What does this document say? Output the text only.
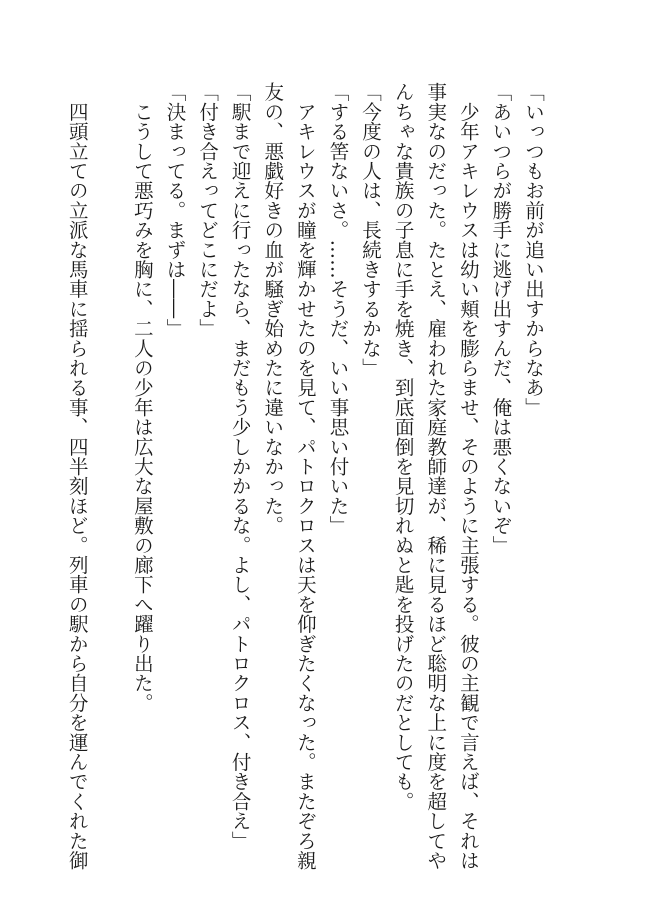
「いっつもお前が追い出すからなあ」
「あいつらが勝手に逃げ出すんだ、俺は悪くないぞ」
　少年アキレウスは幼い頬を膨らませ、そのように主張する。彼の主観で言えば、それは
事実なのだった。たとえ、雇われた家庭教師達が、稀に見るほど聡明な上に度を超してや
んちゃな貴族の子息に手を焼き、到底面倒を見切れぬと匙を投げたのだとしても。
「今度の人は、長続きするかな」
「する筈ないさ。……そうだ、いい事思い付いた」
　アキレウスが瞳を輝かせたのを見て、パトロクロスは天を仰ぎたくなった。またぞろ親
友の、悪戯好きの血が騒ぎ始めたに違いなかった。
「駅まで迎えに行ったなら、まだもう少しかかるな。よし、パトロクロス、付き合え」
「付き合えってどこにだよ」
「決まってる。まずは――」
　こうして悪巧みを胸に、二人の少年は広大な屋敷の廊下へ躍り出た。
　四頭立ての立派な馬車に揺られる事、四半刻ほど。列車の駅から自分を運んでくれた御
